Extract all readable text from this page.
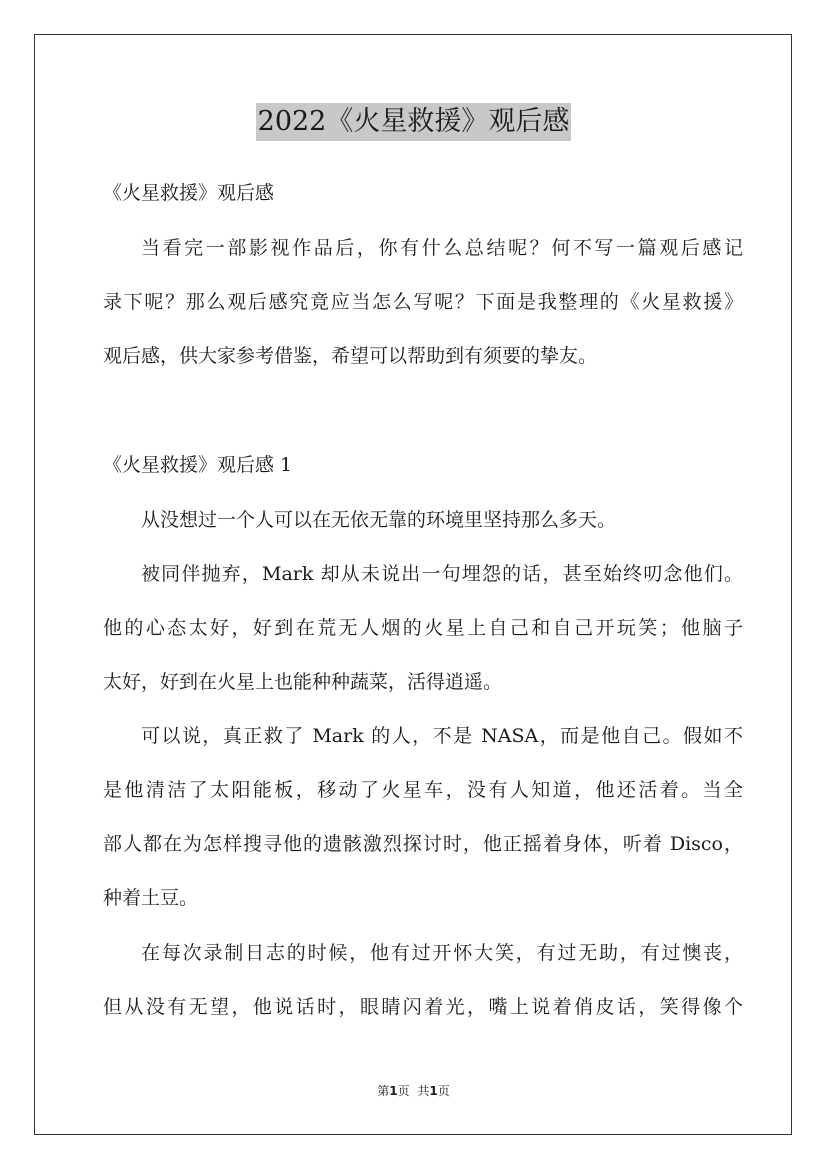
2022《火星救援》观后感
《火星救援》观后感
当看完一部影视作品后，你有什么总结呢？何不写一篇观后感记
录下呢？那么观后感究竟应当怎么写呢？下面是我整理的《火星救援》
观后感，供大家参考借鉴，希望可以帮助到有须要的挚友。
《火星救援》观后感 1
从没想过一个人可以在无依无靠的环境里坚持那么多天。
被同伴抛弃，Mark 却从未说出一句埋怨的话，甚至始终叨念他们。
他的心态太好，好到在荒无人烟的火星上自己和自己开玩笑；他脑子
太好，好到在火星上也能种种蔬菜，活得逍遥。
可以说，真正救了 Mark 的人，不是 NASA，而是他自己。假如不
是他清洁了太阳能板，移动了火星车，没有人知道，他还活着。当全
部人都在为怎样搜寻他的遗骸激烈探讨时，他正摇着身体，听着 Disco，
种着土豆。
在每次录制日志的时候，他有过开怀大笑，有过无助，有过懊丧，
但从没有无望，他说话时，眼睛闪着光，嘴上说着俏皮话，笑得像个
第1页 共1页
